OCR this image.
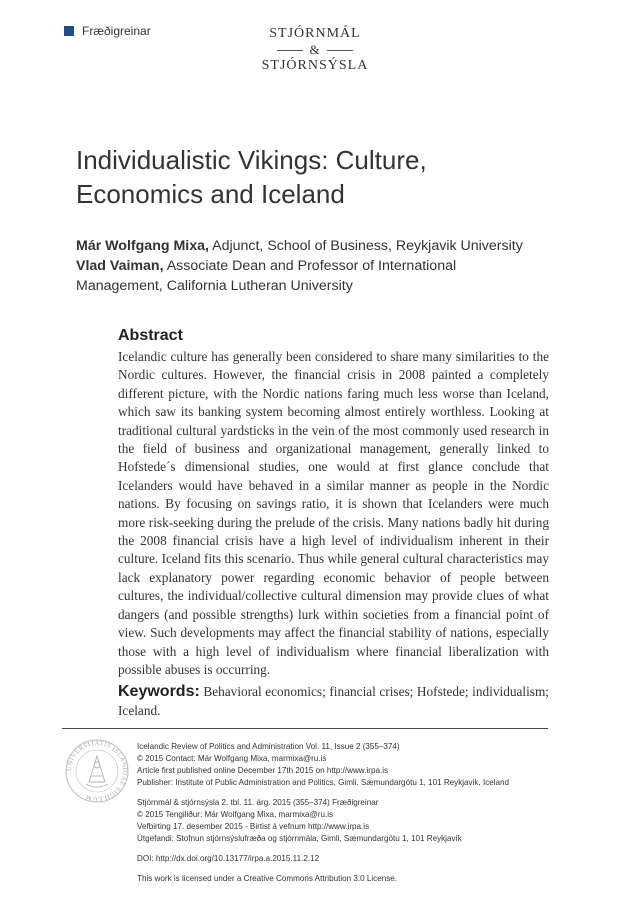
Fræðigreinar	STJÓRNMÁL
&
STJÓRNSÝSLA
Individualistic Vikings: Culture, Economics and Iceland

Már Wolfgang Mixa, Adjunct, School of Business, Reykjavik University

Vlad Vaiman, Associate Dean and Professor of International Management, California Lutheran University

Abstract

Icelandic culture has generally been considered to share many similarities to the Nordic cultures. However, the financial crisis in 2008 painted a completely different picture, with the Nordic nations faring much less worse than Iceland, which saw its banking system becoming almost entirely worthless. Looking at traditional cultural yardsticks in the vein of the most commonly used research in the field of business and organizational management, generally linked to Hofstede´s dimensional studies, one would at first glance conclude that Icelanders would have behaved in a similar manner as people in the Nordic nations. By focusing on savings ratio, it is shown that Icelanders were much more risk-seeking during the prelude of the crisis. Many nations badly hit during the 2008 financial crisis have a high level of individualism inherent in their culture. Iceland fits this scenario. Thus while general cultural characteristics may lack explanatory power regarding economic behavior of people between cultures, the individual/collective cultural dimension may provide clues of what dangers (and possible strengths) lurk within societies from a financial point of view. Such developments may affect the financial stability of nations, especially those with a high level of individualism where financial liberalization with possible abuses is occurring.

Keywords: Behavioral economics; financial crises; Hofstede; individualism; Iceland.

UNIVERSITATIS ISLANDIAE SIGILLUM

Icelandic Review of Politics and Administration Vol. 11, Issue 2 (355–374)

© 2015 Contact: Már Wolfgang Mixa, marmixa@ru.is

Article first published online December 17th 2015 on http://www.irpa.is

Publisher: Institute of Public Administration and Politics, Gimli, Sæmundargötu 1, 101 Reykjavik, Iceland

Stjórnmál & stjórnsýsla 2. tbl. 11. árg. 2015 (355–374) Fræðigreinar

© 2015 Tengiliður: Már Wolfgang Mixa, marmixa@ru.is

Vefbirting 17. desember 2015 - Birtist á vefnum http://www.irpa.is

Útgefandi: Stofnun stjórnsýslufræða og stjórnmála, Gimli, Sæmundargötu 1, 101 Reykjavík

DOI: http://dx.doi.org/10.13177/irpa.a.2015.11.2.12

This work is licensed under a Creative Commons Attribution 3.0 License.
